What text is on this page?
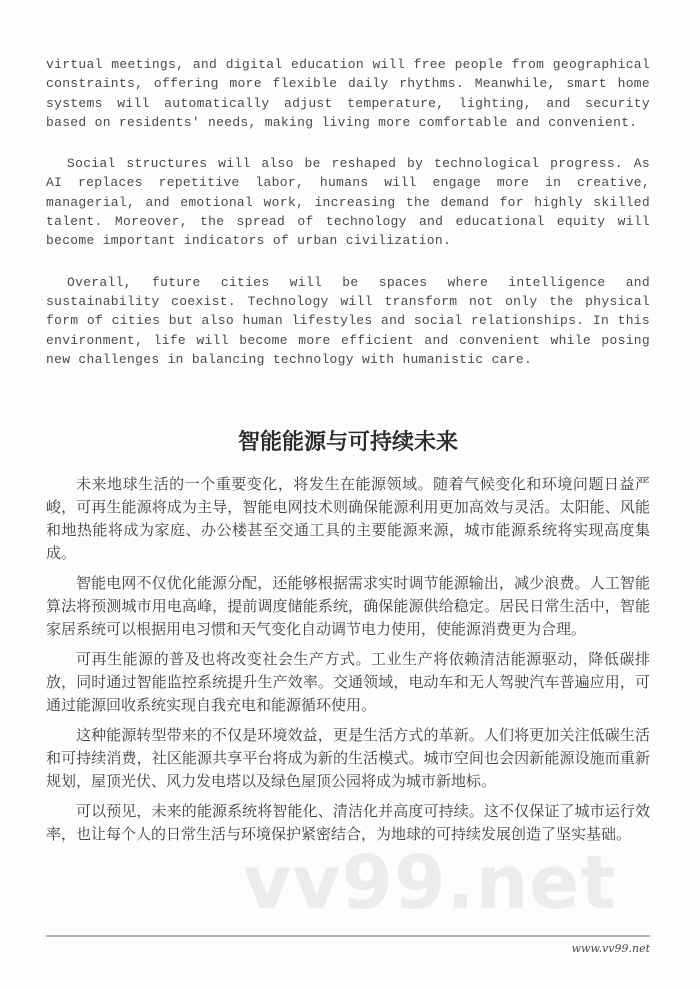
vv99.net

virtual meetings, and digital education will free people from geographical constraints, offering more flexible daily rhythms. Meanwhile, smart home systems will automatically adjust temperature, lighting, and security based on residents' needs, making living more comfortable and convenient.

Social structures will also be reshaped by technological progress. As AI replaces repetitive labor, humans will engage more in creative, managerial, and emotional work, increasing the demand for highly skilled talent. Moreover, the spread of technology and educational equity will become important indicators of urban civilization.

Overall, future cities will be spaces where intelligence and sustainability coexist. Technology will transform not only the physical form of cities but also human lifestyles and social relationships. In this environment, life will become more efficient and convenient while posing new challenges in balancing technology with humanistic care.

智能能源与可持续未来

未来地球生活的一个重要变化，将发生在能源领域。随着气候变化和环境问题日益严峻，可再生能源将成为主导，智能电网技术则确保能源利用更加高效与灵活。太阳能、风能和地热能将成为家庭、办公楼甚至交通工具的主要能源来源，城市能源系统将实现高度集成。

智能电网不仅优化能源分配，还能够根据需求实时调节能源输出，减少浪费。人工智能算法将预测城市用电高峰，提前调度储能系统，确保能源供给稳定。居民日常生活中，智能家居系统可以根据用电习惯和天气变化自动调节电力使用，使能源消费更为合理。

可再生能源的普及也将改变社会生产方式。工业生产将依赖清洁能源驱动，降低碳排放，同时通过智能监控系统提升生产效率。交通领域，电动车和无人驾驶汽车普遍应用，可通过能源回收系统实现自我充电和能源循环使用。

这种能源转型带来的不仅是环境效益，更是生活方式的革新。人们将更加关注低碳生活和可持续消费，社区能源共享平台将成为新的生活模式。城市空间也会因新能源设施而重新规划，屋顶光伏、风力发电塔以及绿色屋顶公园将成为城市新地标。

可以预见，未来的能源系统将智能化、清洁化并高度可持续。这不仅保证了城市运行效率，也让每个人的日常生活与环境保护紧密结合，为地球的可持续发展创造了坚实基础。

www.vv99.net
